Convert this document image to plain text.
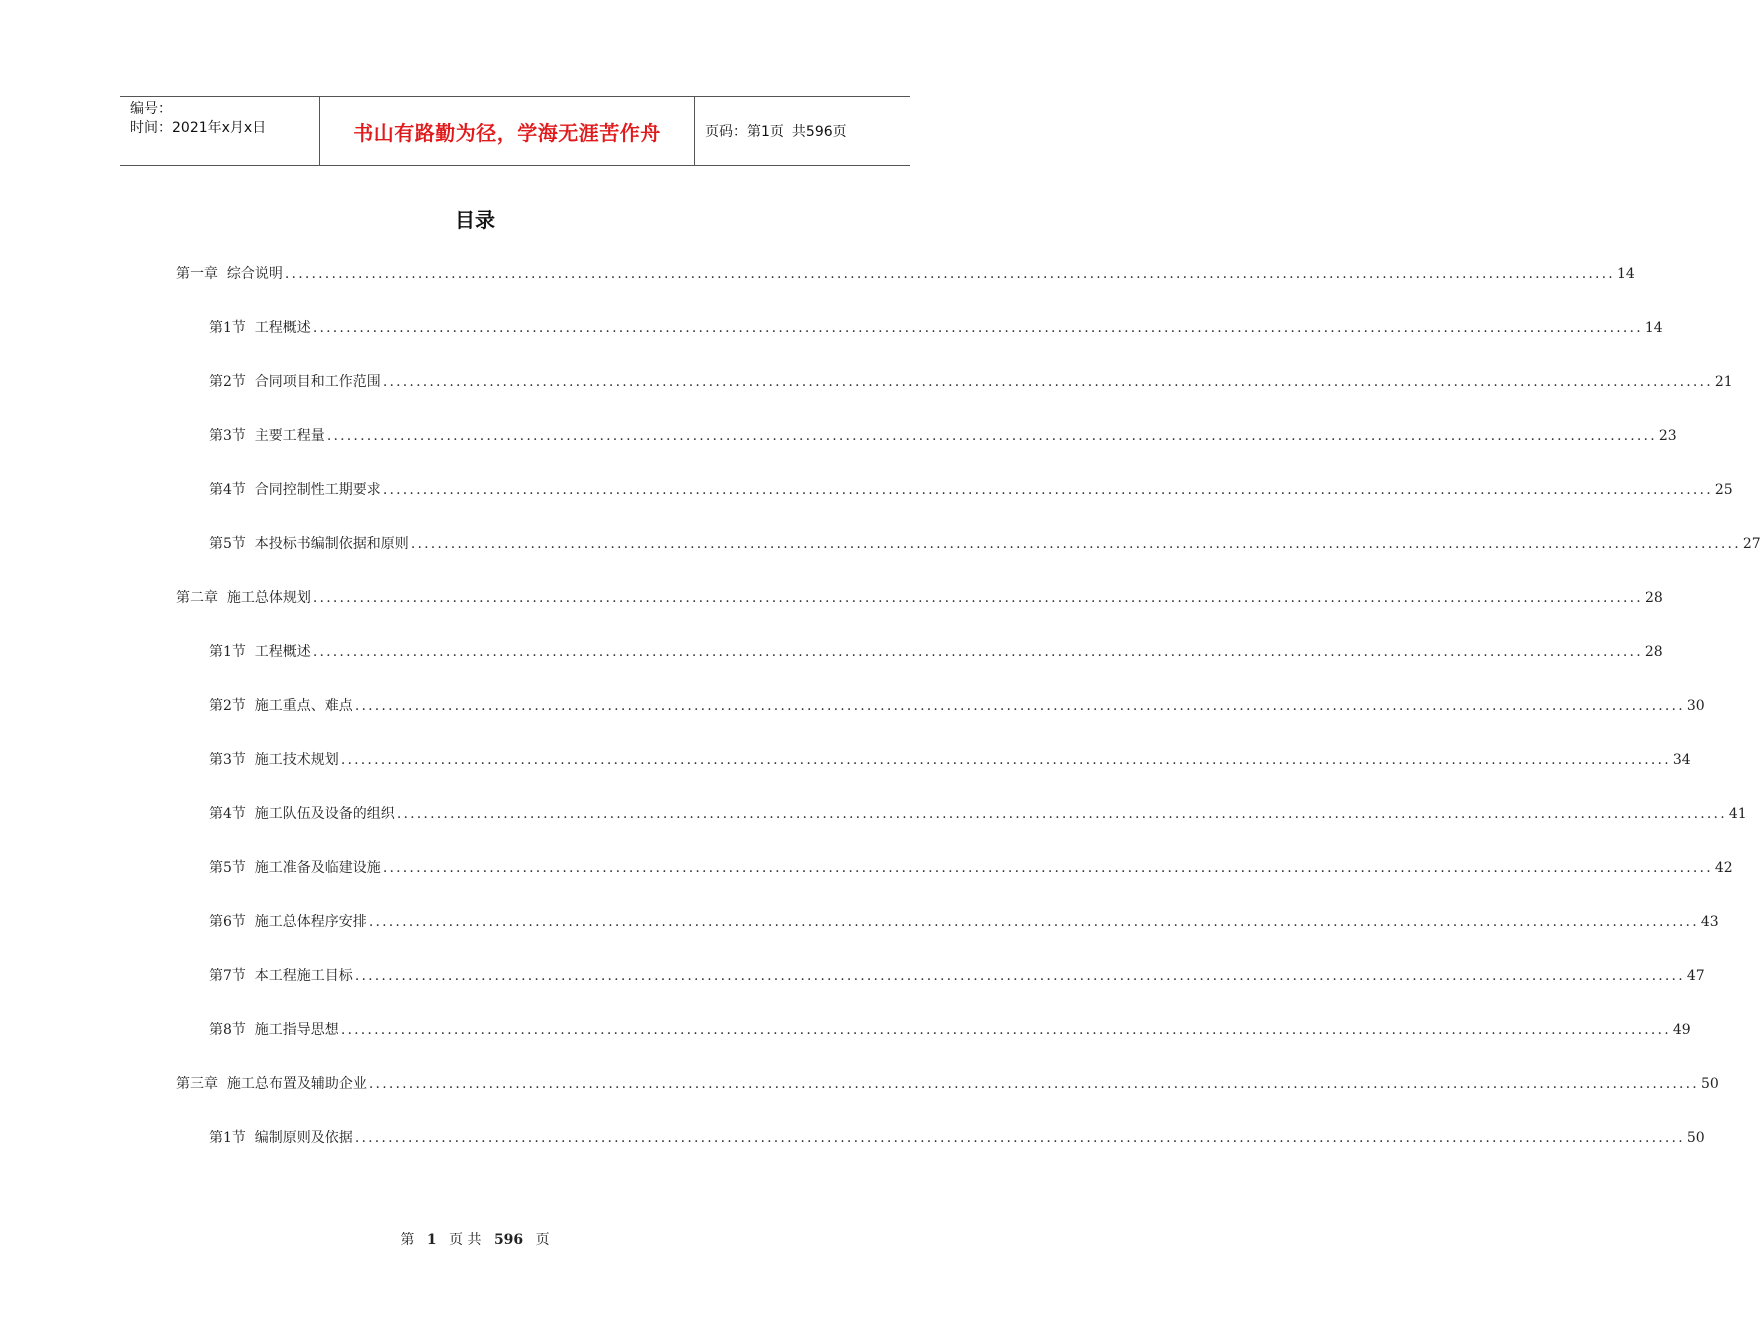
编号：
时间：2021年x月x日	书山有路勤为径，学海无涯苦作舟	页码：第1页 共596页
目录
第一章  综合说明 ........................................................................................................................................................................................................ 14
第1节  工程概述 ........................................................................................................................................................................................................ 14
第2节  合同项目和工作范围 ........................................................................................................................................................................................................ 21
第3节  主要工程量 ........................................................................................................................................................................................................ 23
第4节  合同控制性工期要求 ........................................................................................................................................................................................................ 25
第5节  本投标书编制依据和原则 ........................................................................................................................................................................................................ 27
第二章  施工总体规划 ........................................................................................................................................................................................................ 28
第1节  工程概述 ........................................................................................................................................................................................................ 28
第2节  施工重点、难点 ........................................................................................................................................................................................................ 30
第3节  施工技术规划 ........................................................................................................................................................................................................ 34
第4节  施工队伍及设备的组织 ........................................................................................................................................................................................................ 41
第5节  施工准备及临建设施 ........................................................................................................................................................................................................ 42
第6节  施工总体程序安排 ........................................................................................................................................................................................................ 43
第7节  本工程施工目标 ........................................................................................................................................................................................................ 47
第8节  施工指导思想 ........................................................................................................................................................................................................ 49
第三章  施工总布置及辅助企业 ........................................................................................................................................................................................................ 50
第1节  编制原则及依据 ........................................................................................................................................................................................................ 50
第 1 页 共 596 页
